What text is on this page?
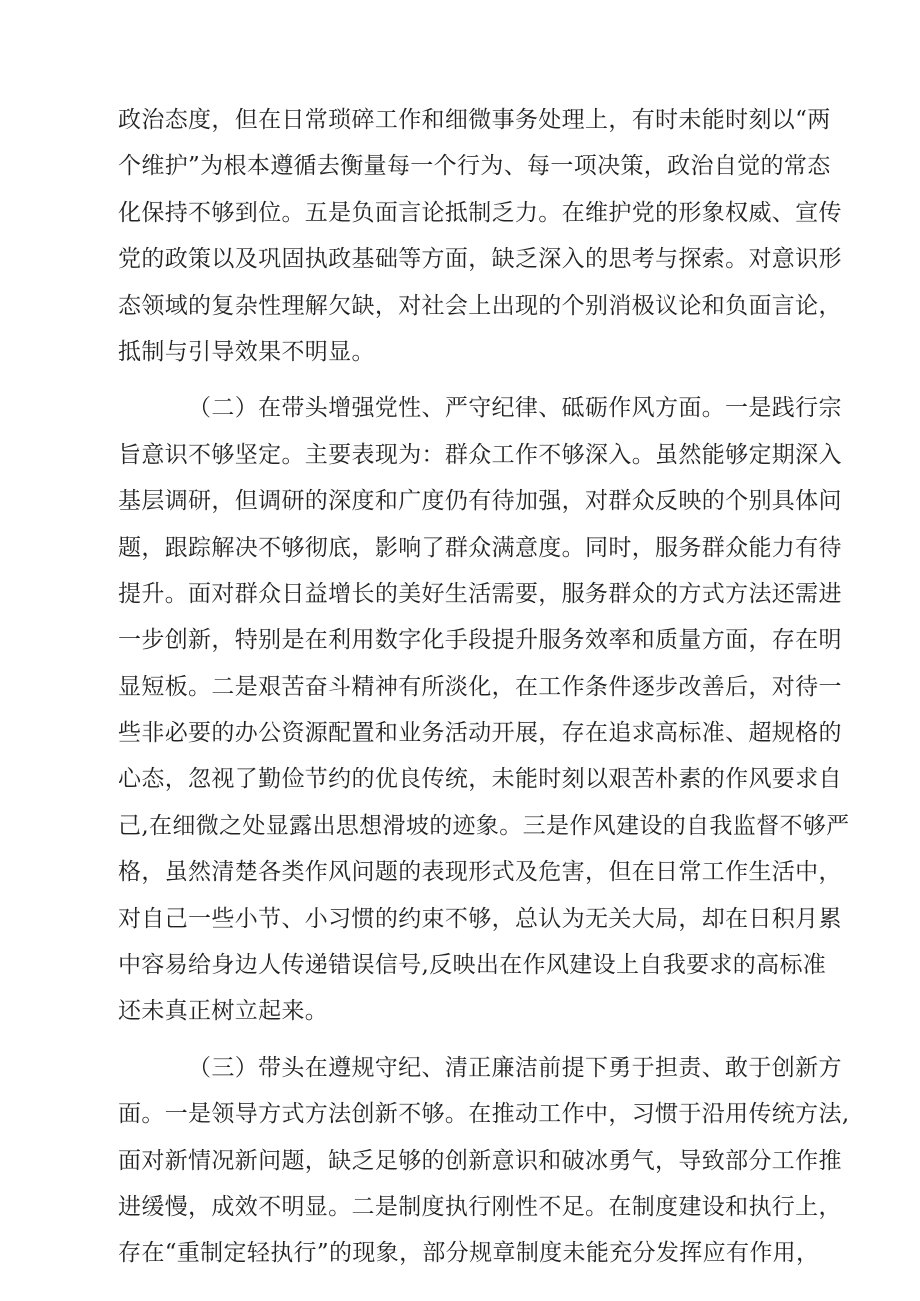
政治态度，但在日常琐碎工作和细微事务处理上，有时未能时刻以“两
个维护”为根本遵循去衡量每一个行为、每一项决策，政治自觉的常态
化保持不够到位。五是负面言论抵制乏力。在维护党的形象权威、宣传
党的政策以及巩固执政基础等方面，缺乏深入的思考与探索。对意识形
态领域的复杂性理解欠缺，对社会上出现的个别消极议论和负面言论，
抵制与引导效果不明显。
（二）在带头增强党性、严守纪律、砥砺作风方面。一是践行宗
旨意识不够坚定。主要表现为：群众工作不够深入。虽然能够定期深入
基层调研，但调研的深度和广度仍有待加强，对群众反映的个别具体问
题，跟踪解决不够彻底，影响了群众满意度。同时，服务群众能力有待
提升。面对群众日益增长的美好生活需要，服务群众的方式方法还需进
一步创新，特别是在利用数字化手段提升服务效率和质量方面，存在明
显短板。二是艰苦奋斗精神有所淡化，在工作条件逐步改善后，对待一
些非必要的办公资源配置和业务活动开展，存在追求高标准、超规格的
心态，忽视了勤俭节约的优良传统，未能时刻以艰苦朴素的作风要求自
己,在细微之处显露出思想滑坡的迹象。三是作风建设的自我监督不够严
格，虽然清楚各类作风问题的表现形式及危害，但在日常工作生活中，
对自己一些小节、小习惯的约束不够，总认为无关大局，却在日积月累
中容易给身边人传递错误信号,反映出在作风建设上自我要求的高标准
还未真正树立起来。
（三）带头在遵规守纪、清正廉洁前提下勇于担责、敢于创新方
面。一是领导方式方法创新不够。在推动工作中，习惯于沿用传统方法,
面对新情况新问题，缺乏足够的创新意识和破冰勇气，导致部分工作推
进缓慢，成效不明显。二是制度执行刚性不足。在制度建设和执行上，
存在“重制定轻执行”的现象，部分规章制度未能充分发挥应有作用，
